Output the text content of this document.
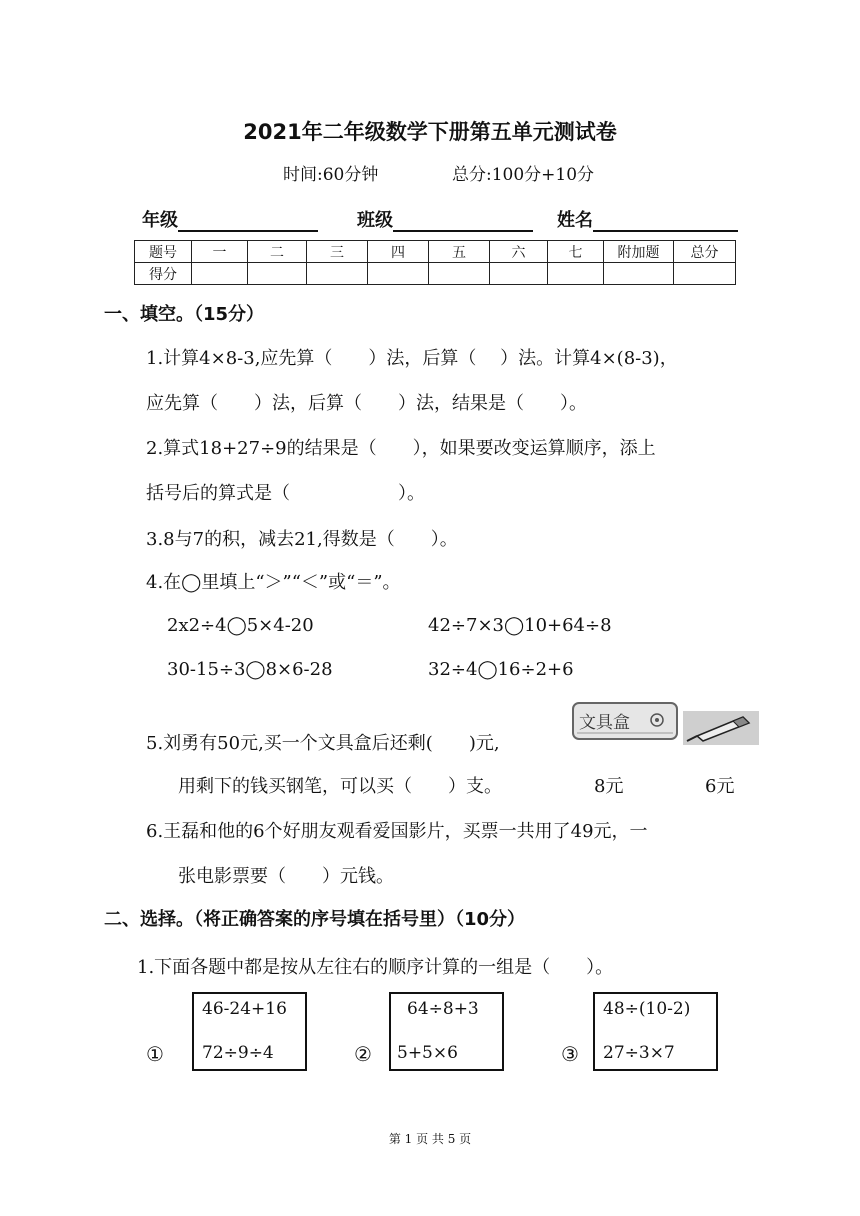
2021年二年级数学下册第五单元测试卷
时间:60分钟	总分:100分+10分
年级	班级	姓名
题号	一	二	三	四	五	六	七	附加题	总分
得分									
一、填空。（15分）
1.计算4×8-3,应先算（　　）法，后算（　 ）法。计算4×(8-3)，
应先算（　　）法，后算（　　）法，结果是（　　）。
2.算式18+27÷9的结果是（　　），如果要改变运算顺序，添上
括号后的算式是（　　　　　　）。
3.8与7的积，减去21,得数是（　　）。
4.在◯里填上“＞”“＜”或“＝”。
2x2÷4◯5×4-20	42÷7×3◯10+64÷8
30-15÷3◯8×6-28	32÷4◯16÷2+6
5.刘勇有50元,买一个文具盒后还剩(　　)元,
文具盒
用剩下的钱买钢笔，可以买（　　）支。	8元	6元
6.王磊和他的6个好朋友观看爱国影片，买票一共用了49元，一
张电影票要（　　）元钱。
二、选择。（将正确答案的序号填在括号里）（10分）
1.下面各题中都是按从左往右的顺序计算的一组是（　　）。
①
46-24+16
72÷9÷4	②
64÷8+3
5+5×6	③
48÷(10-2)
27÷3×7
第 1 页 共 5 页
